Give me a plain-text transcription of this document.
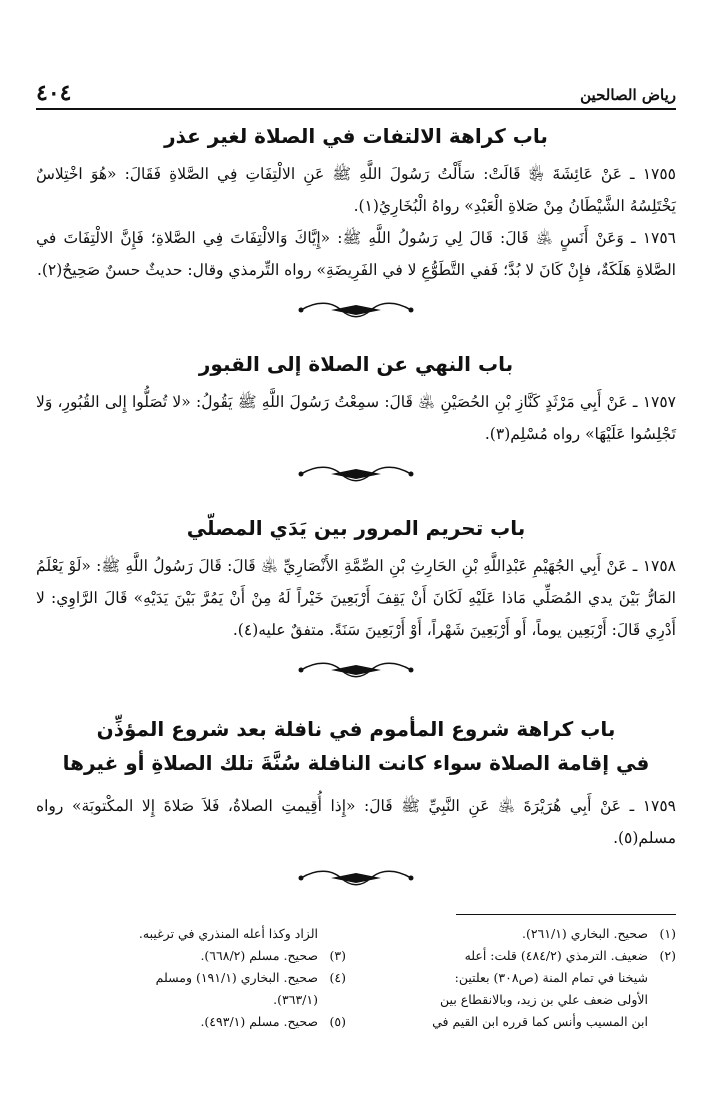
رياض الصالحين
٤٠٤
باب كراهة الالتفات في الصلاة لغير عذر

١٧٥٥ ـ عَنْ عَائِشَةَ ﵂ قَالَتْ: سَأَلْتُ رَسُولَ اللَّهِ ﷺ عَنِ الالْتِفَاتِ فِي الصَّلاةِ فَقَالَ: «هُوَ اخْتِلاسٌ يَخْتَلِسُهُ الشَّيْطَانُ مِنْ صَلاةِ الْعَبْدِ» رواهُ الْبُخَارِيُ(١).

١٧٥٦ ـ وَعَنْ أَنَسٍ ﵁ قَالَ: قَالَ لِي رَسُولُ اللَّهِ ﷺ: «إِيَّاكَ وَالالْتِفَاتَ فِي الصَّلاةِ؛ فَإِنَّ الالْتِفَاتَ في الصَّلاةِ هَلَكَةٌ، فإِنْ كَانَ لا بُدَّ؛ فَفي التَّطَوُّعِ لا في الفَرِيضَةِ» رواه التِّرمذي وقال: حديثٌ حسنٌ صَحِيحٌ(٢).

باب النهي عن الصلاة إلى القبور

١٧٥٧ ـ عَنْ أَبِي مَرْثَدٍ كَنَّازِ بْنِ الحُصَيْنِ ﵁ قَالَ: سمِعْتُ رَسُولَ اللَّهِ ﷺ يَقُولُ: «لا تُصَلُّوا إِلى القُبُورِ، وَلا تَجْلِسُوا عَلَيْهَا» رواه مُسْلِم(٣).

باب تحريم المرور بين يَدَي المصلّي

١٧٥٨ ـ عَنْ أَبِي الجُهَيْمِ عَبْدِاللَّهِ بْنِ الحَارِثِ بْنِ الصِّمَّةِ الأَنْصَارِيِّ ﵁ قَالَ: قَالَ رَسُولُ اللَّهِ ﷺ: «لَوْ يَعْلَمُ المَارُّ بَيْنَ يدي المُصَلِّي مَاذا عَلَيْهِ لَكَانَ أَنْ يَقِفَ أَرْبَعِينَ خَيْراً لَهُ مِنْ أَنْ يَمُرَّ بَيْنَ يَدَيْهِ» قَالَ الرَّاوِي: لا أَدْرِي قَالَ: أَرْبَعِين يوماً، أَو أَرْبَعِينَ شَهْراً، أَوْ أَرْبَعِينَ سَنَةً. متفقٌ عليه(٤).

باب كراهة شروع المأموم في نافلة بعد شروع المؤذِّن
في إقامة الصلاة سواء كانت النافلة سُنَّةَ تلك الصلاةِ أو غيرها

١٧٥٩ ـ عَنْ أَبِي هُرَيْرَةَ ﵁ عَنِ النَّبِيِّ ﷺ قَالَ: «إِذا أُقِيمتِ الصلاةُ، فَلاَ صَلاةَ إِلا المكْتوبَة» رواه مسلم(٥).

(١)صحيح. البخاري (٢٦١/١).
(٢)ضعيف. الترمذي (٤٨٤/٢) قلت: أعله
شيخنا في تمام المنة (ص٣٠٨) بعلتين:
الأولى ضعف علي بن زيد، وبالانقطاع بين
ابن المسيب وأنس كما قرره ابن القيم في
الزاد وكذا أعله المنذري في ترغيبه.
(٣)صحيح. مسلم (٦٦٨/٢).
(٤)صحيح. البخاري (١٩١/١) ومسلم
(٣٦٣/١).
(٥)صحيح. مسلم (٤٩٣/١).
